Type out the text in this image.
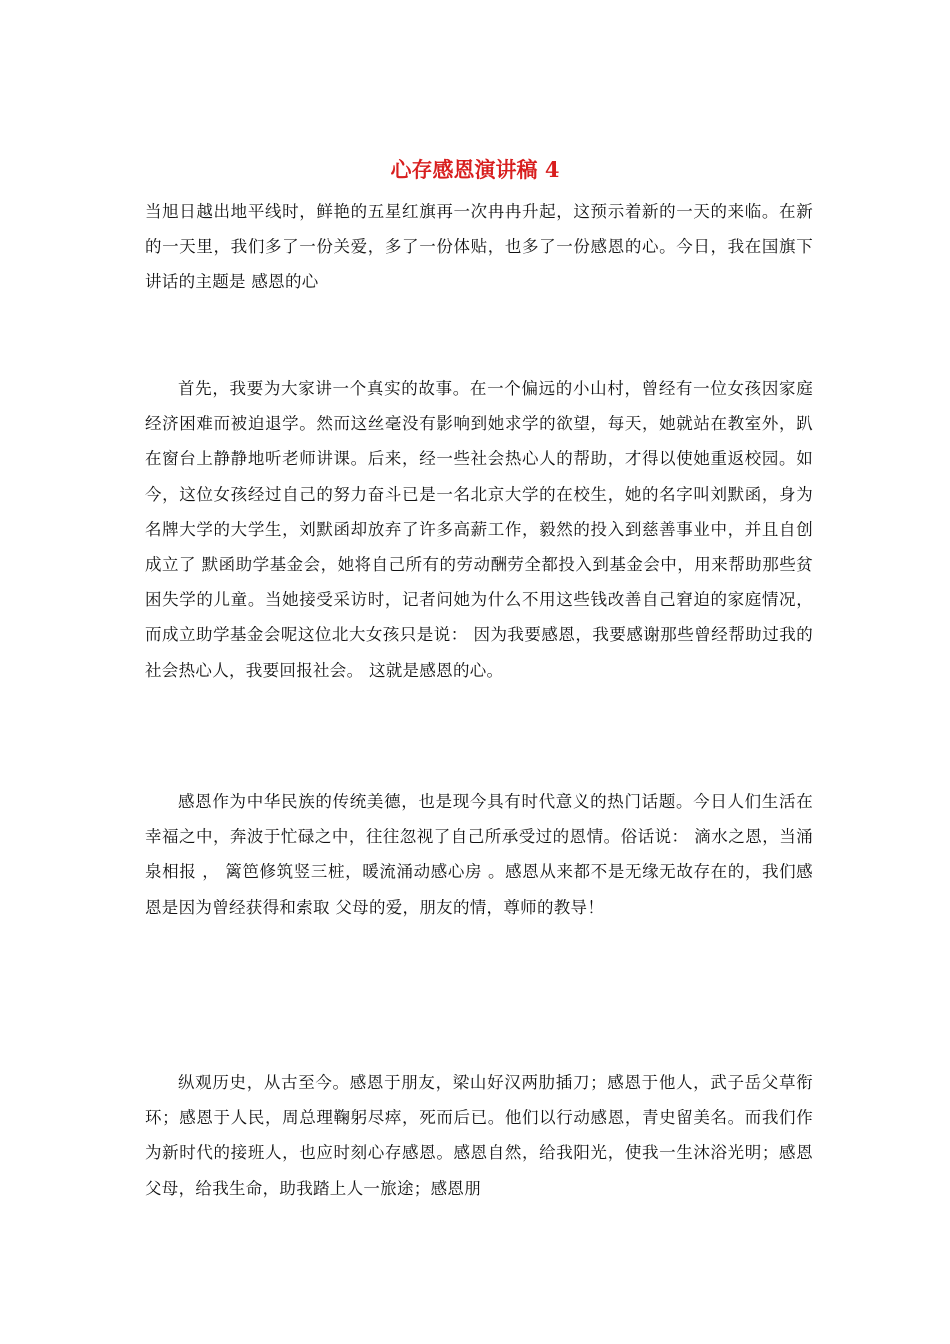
心存感恩演讲稿 4

当旭日越出地平线时，鲜艳的五星红旗再一次冉冉升起，这预示着新的一天的来临。在新的一天里，我们多了一份关爱，多了一份体贴，也多了一份感恩的心。今日，我在国旗下讲话的主题是 感恩的心

首先，我要为大家讲一个真实的故事。在一个偏远的小山村，曾经有一位女孩因家庭经济困难而被迫退学。然而这丝毫没有影响到她求学的欲望，每天，她就站在教室外，趴在窗台上静静地听老师讲课。后来，经一些社会热心人的帮助，才得以使她重返校园。如今，这位女孩经过自己的努力奋斗已是一名北京大学的在校生，她的名字叫刘默函，身为名牌大学的大学生，刘默函却放弃了许多高薪工作，毅然的投入到慈善事业中，并且自创成立了 默函助学基金会，她将自己所有的劳动酬劳全都投入到基金会中，用来帮助那些贫困失学的儿童。当她接受采访时，记者问她为什么不用这些钱改善自己窘迫的家庭情况，而成立助学基金会呢这位北大女孩只是说： 因为我要感恩，我要感谢那些曾经帮助过我的社会热心人，我要回报社会。 这就是感恩的心。

感恩作为中华民族的传统美德，也是现今具有时代意义的热门话题。今日人们生活在幸福之中，奔波于忙碌之中，往往忽视了自己所承受过的恩情。俗话说： 滴水之恩，当涌泉相报 ， 篱笆修筑竖三桩，暖流涌动感心房 。感恩从来都不是无缘无故存在的，我们感恩是因为曾经获得和索取 父母的爱，朋友的情，尊师的教导！

纵观历史，从古至今。感恩于朋友，梁山好汉两肋插刀；感恩于他人，武子岳父草衔环；感恩于人民，周总理鞠躬尽瘁，死而后已。他们以行动感恩，青史留美名。而我们作为新时代的接班人，也应时刻心存感恩。感恩自然，给我阳光，使我一生沐浴光明；感恩父母，给我生命，助我踏上人一旅途；感恩朋
